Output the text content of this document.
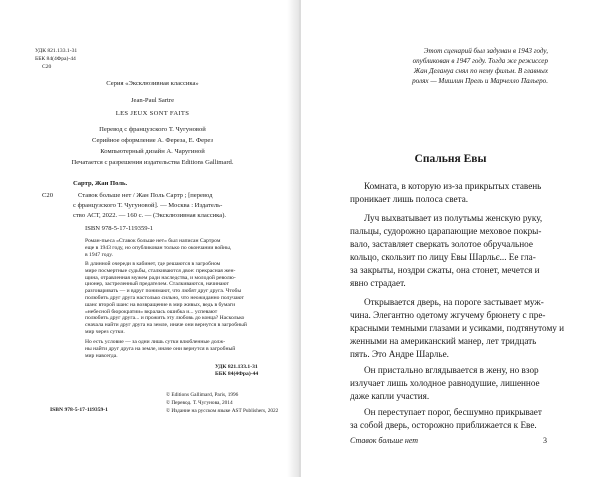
УДК 821.133.1-31
ББК 84(4Фра)-44
С20
Серия «Эксклюзивная классика»
Jean-Paul Sartre
LES JEUX SONT FAITS
Перевод с французского Т. Чугуновой
Серийное оформление А. Фереза, Е. Ферез
Компьютерный дизайн А. Чаругиной
Печатается с разрешения издательства Editions Gallimard.
Сартр, Жан Поль.
С20	Ставок больше нет / Жан Поль Сартр ; [перевод
с французского Т. Чугуновой]. — Москва : Издатель-
ство АСТ, 2022. — 160 с. — (Эксклюзивная классика).
ISBN 978-5-17-119359-1
Роман-пьеса «Ставок больше нет» был написан Сартром
еще в 1943 году, но опубликован только по окончании войны,
в 1947 году.
В длинной очереди в кабинет, где решаются в загробном
мире посмертные судьбы, сталкиваются двое: прекрасная жен-
щина, отравленная мужем ради наследства, и молодой револю-
ционер, застреленный предателем. Сталкиваются, начинают
разговаривать — и вдруг понимают, что любят друг друга. Чтобы
полюбить друг друга настолько сильно, что неожиданно получают
шанс второй шанс на возвращение в мир живых, ведь в бумаги
«небесной бюрократии» вкралась ошибка и... успевают
полюбить друг друга... и прожить эту любовь до конца? Насколько
сначала найти друг друга на земле, иначе они вернутся в загробный
мир через сутки.
Но есть условие — за одни лишь сутки влюбленные долж-
ны найти друг друга на земле, иначе они вернутся в загробный
мир навсегда.
УДК 821.133.1-31
ББК 84(4Фра)-44
© Editions Gallimard, Paris, 1996
© Перевод. Т. Чугунова, 2014
ISBN 978-5-17-119359-1	© Издание на русском языке AST Publishers, 2022
Этот сценарий был задуман в 1943 году,
опубликован в 1947 году. Тогда же режиссер
Жан Делануа снял по нему фильм. В главных
ролях — Мишлин Прель и Марчелло Пальеро.
Спальня Евы
Комната, в которую из-за прикрытых ставень
проникает лишь полоса света.
Луч выхватывает из полутьмы женскую руку,
пальцы, судорожно царапающие меховое покры-
вало, заставляет сверкать золотое обручальное
кольцо, скользит по лицу Евы Шарльє... Ее гла-
за закрыты, ноздри сжаты, она стонет, мечется и
явно страдает.
Открывается дверь, на пороге застывает муж-
чина. Элегантно одетому жгучему брюнету с пре-
красными темными глазами и усиками, подтянутому и
женными на американский манер, лет тридцать
пять. Это Андре Шарлье.
Он пристально вглядывается в жену, но взор
излучает лишь холодное равнодушие, лишенное
даже капли участия.
Он переступает порог, бесшумно прикрывает
за собой дверь, осторожно приближается к Еве.
Ставок больше нет	3
